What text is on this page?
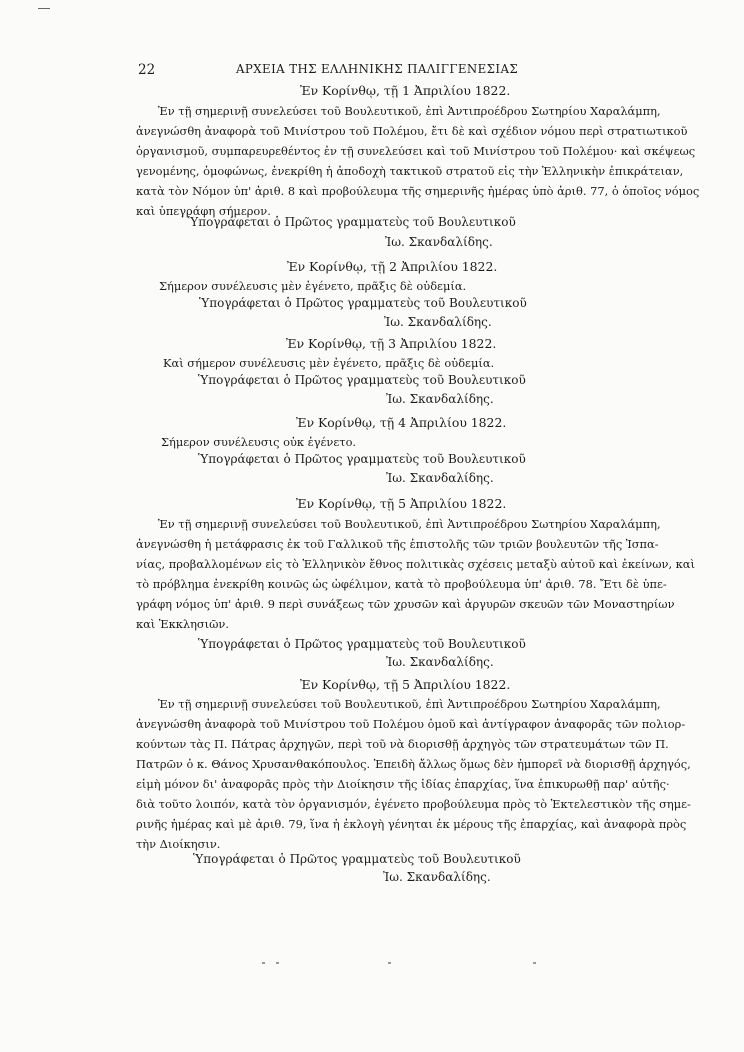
22	ΑΡΧΕΙΑ ΤΗΣ ΕΛΛΗΝΙΚΗΣ ΠΑΛΙΓΓΕΝΕΣΙΑΣ
Ἐν Κορίνθῳ, τῇ 1 Ἀπριλίου 1822.
Ἐν τῇ σημερινῇ συνελεύσει τοῦ Βουλευτικοῦ, ἐπὶ Ἀντιπροέδρου Σωτηρίου Χαραλάμπη,
ἀνεγνώσθη ἀναφορὰ τοῦ Μινίστρου τοῦ Πολέμου, ἔτι δὲ καὶ σχέδιον νόμου περὶ στρατιωτικοῦ
ὀργανισμοῦ, συμπαρευρεθέντος ἐν τῇ συνελεύσει καὶ τοῦ Μινίστρου τοῦ Πολέμου· καὶ σκέψεως
γενομένης, ὁμοφώνως, ἐνεκρίθη ἡ ἀποδοχὴ τακτικοῦ στρατοῦ εἰς τὴν Ἑλληνικὴν ἐπικράτειαν,
κατὰ τὸν Νόμον ὑπ' ἀριθ. 8 καὶ προβούλευμα τῆς σημερινῆς ἡμέρας ὑπὸ ἀριθ. 77, ὁ ὁποῖος νόμος
καὶ ὑπεγράφη σήμερον.
Ὑπογράφεται ὁ Πρῶτος γραμματεὺς τοῦ Βουλευτικοῦ
Ἰω. Σκανδαλίδης.
Ἐν Κορίνθῳ, τῇ 2 Ἀπριλίου 1822.
Σήμερον συνέλευσις μὲν ἐγένετο, πρᾶξις δὲ οὐδεμία.
Ὑπογράφεται ὁ Πρῶτος γραμματεὺς τοῦ Βουλευτικοῦ
Ἰω. Σκανδαλίδης.
Ἐν Κορίνθῳ, τῇ 3 Ἀπριλίου 1822.
Καὶ σήμερον συνέλευσις μὲν ἐγένετο, πρᾶξις δὲ οὐδεμία.
Ὑπογράφεται ὁ Πρῶτος γραμματεὺς τοῦ Βουλευτικοῦ
Ἰω. Σκανδαλίδης.
Ἐν Κορίνθῳ, τῇ 4 Ἀπριλίου 1822.
Σήμερον συνέλευσις οὐκ ἐγένετο.
Ὑπογράφεται ὁ Πρῶτος γραμματεὺς τοῦ Βουλευτικοῦ
Ἰω. Σκανδαλίδης.
Ἐν Κορίνθῳ, τῇ 5 Ἀπριλίου 1822.
Ἐν τῇ σημερινῇ συνελεύσει τοῦ Βουλευτικοῦ, ἐπὶ Ἀντιπροέδρου Σωτηρίου Χαραλάμπη,
ἀνεγνώσθη ἡ μετάφρασις ἐκ τοῦ Γαλλικοῦ τῆς ἐπιστολῆς τῶν τριῶν βουλευτῶν τῆς Ἰσπα-
νίας, προβαλλομένων εἰς τὸ Ἑλληνικὸν ἔθνος πολιτικὰς σχέσεις μεταξὺ αὐτοῦ καὶ ἐκείνων, καὶ
τὸ πρόβλημα ἐνεκρίθη κοινῶς ὡς ὠφέλιμον, κατὰ τὸ προβούλευμα ὑπ' ἀριθ. 78. Ἔτι δὲ ὑπε-
γράφη νόμος ὑπ' ἀριθ. 9 περὶ συνάξεως τῶν χρυσῶν καὶ ἀργυρῶν σκευῶν τῶν Μοναστηρίων
καὶ Ἐκκλησιῶν.
Ὑπογράφεται ὁ Πρῶτος γραμματεὺς τοῦ Βουλευτικοῦ
Ἰω. Σκανδαλίδης.
Ἐν Κορίνθῳ, τῇ 5 Ἀπριλίου 1822.
Ἐν τῇ σημερινῇ συνελεύσει τοῦ Βουλευτικοῦ, ἐπὶ Ἀντιπροέδρου Σωτηρίου Χαραλάμπη,
ἀνεγνώσθη ἀναφορὰ τοῦ Μινίστρου τοῦ Πολέμου ὁμοῦ καὶ ἀντίγραφον ἀναφορᾶς τῶν πολιορ-
κούντων τὰς Π. Πάτρας ἀρχηγῶν, περὶ τοῦ νὰ διορισθῇ ἀρχηγὸς τῶν στρατευμάτων τῶν Π.
Πατρῶν ὁ κ. Θάνος Χρυσανθακόπουλος. Ἐπειδὴ ἄλλως ὅμως δὲν ἠμπορεῖ νὰ διορισθῇ ἀρχηγός,
εἰμὴ μόνον δι' ἀναφορᾶς πρὸς τὴν Διοίκησιν τῆς ἰδίας ἐπαρχίας, ἵνα ἐπικυρωθῇ παρ' αὐτῆς·
διὰ τοῦτο λοιπόν, κατὰ τὸν ὀργανισμόν, ἐγένετο προβούλευμα πρὸς τὸ Ἐκτελεστικὸν τῆς σημε-
ρινῆς ἡμέρας καὶ μὲ ἀριθ. 79, ἵνα ἡ ἐκλογὴ γένηται ἐκ μέρους τῆς ἐπαρχίας, καὶ ἀναφορὰ πρὸς
τὴν Διοίκησιν.
Ὑπογράφεται ὁ Πρῶτος γραμματεὺς τοῦ Βουλευτικοῦ
Ἰω. Σκανδαλίδης.
